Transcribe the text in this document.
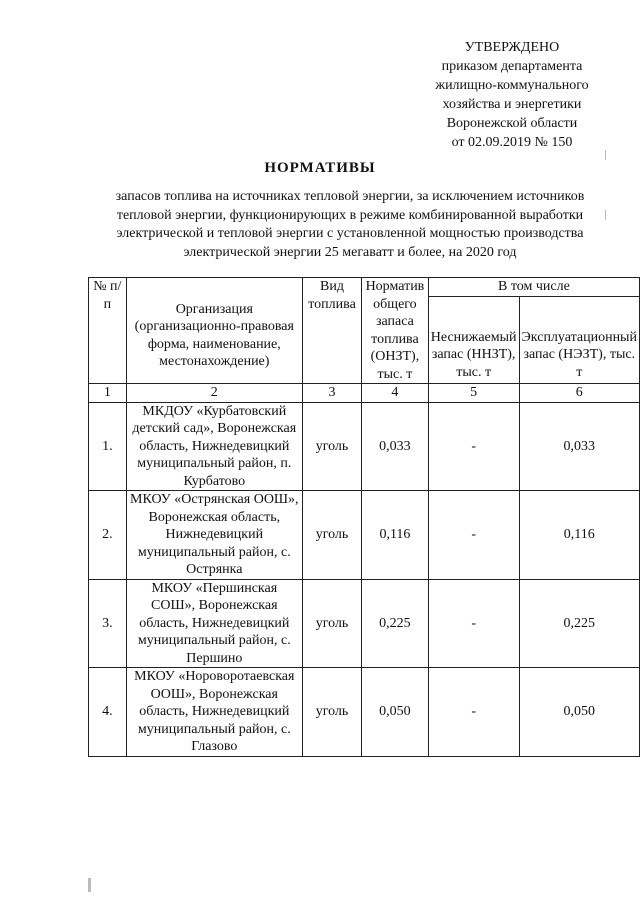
УТВЕРЖДЕНО
приказом департамента
жилищно-коммунального
хозяйства и энергетики
Воронежской области
от 02.09.2019 № 150
НОРМАТИВЫ
запасов топлива на источниках тепловой энергии, за исключением источников
тепловой энергии, функционирующих в режиме комбинированной выработки
электрической и тепловой энергии с установленной мощностью производства
электрической энергии 25 мегаватт и более, на 2020 год
№ п/п	Организация (организационно-правовая форма, наименование, местонахождение)	Вид топлива	Норматив общего запаса топлива (ОНЗТ), тыс. т	В том числе	
				Неснижаемый запас (ННЗТ), тыс. т	Эксплуатационный запас (НЭЗТ), тыс. т
1	2	3	4	5	6
1.	МКДОУ «Курбатовский детский сад», Воронежская область, Нижнедевицкий муниципальный район, п. Курбатово	уголь	0,033	-	0,033
2.	МКОУ «Острянская ООШ», Воронежская область, Нижнедевицкий муниципальный район, с. Острянка	уголь	0,116	-	0,116
3.	МКОУ «Першинская СОШ», Воронежская область, Нижнедевицкий муниципальный район, с. Першино	уголь	0,225	-	0,225
4.	МКОУ «Нороворотаевская ООШ», Воронежская область, Нижнедевицкий муниципальный район, с. Глазово	уголь	0,050	-	0,050
